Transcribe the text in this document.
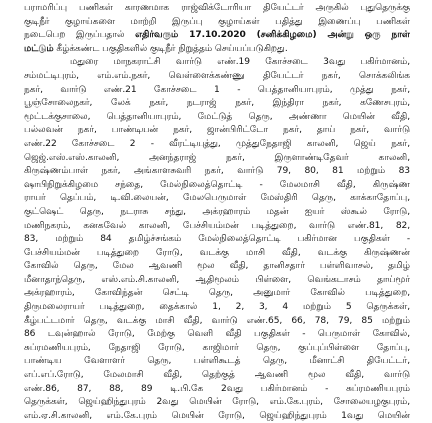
பராமரிப்பு பணிகள் காரணமாக ராஜ்விக்டோரியா தியேட்டர் அருகில் புதுதெருக்கு
குடிநீர் குழாய்களை மாற்றி இருப்பு குழாய்கள் பதித்து இணைப்பு பணிகள்
நடைபெற இருப்பதால் எதிர்வரும் 17.10.2020 (சனிக்கிழமை) அன்று ஒரு நாள்
மட்டும் கீழ்க்கண்ட பகுதிகளில் குடிநீர் நிறுத்தம் செய்யப்படுகிறது.
மதுரை மாநகராட்சி வார்டு எண்.19 கோச்சடை 3வது பகிர்மானம்,
சம்மட்டிபுரம், எம்.எம்.நகர், வெள்ளைக்கண்ணு தியேட்டர் நகர், சொக்கலிங்க
நகர், வார்டு எண்.21 கோச்சடை 1 - பெத்தானியாபுரம், முத்து நகர்,
பூஞ்சோலைநகர், லேக் நகர், நடராஜ் நகர், இந்திரா நகர், கணேசபுரம்,
மூட்டக்குசாலை, பெத்தானியாபுரம், மேட்டுத் தெரு, அண்ணா மெயின் வீதி,
பல்லவன் நகர், பாண்டியன் நகர், ஜான்பிரிட்டோ நகர், தாய் நகர், வார்டு
எண்.22 கோச்சடை 2 - வீரட்டியுத்து, முத்துநேதாஜி காலனி, ஜெய் நகர்,
ஜெஜ்.எஸ்.எஸ்.காலனி, அனந்தராஜ் நகர், இருளாண்டிதேவர் காலனி,
கிருஷ்ணம்பாள் நகர், அங்காளசுவரி நகர், வார்டு 79, 80, 81 மற்றும் 83
ஷாபிநிறுக்கிழமை சந்தை, மேல்நிலைத்தொட்டி - மேலமாசி வீதி, கிருஷ்ண
ராயர் தெப்பம், டி.வி.லையன், மேலபெருமாள் மேஸ்திரி தெரு, காக்காதோப்பு,
குட்ஷெட் தெரு, நடராசு சந்து, அக்ரஹாரம் மதன் ஐயர் ஸ்கூல் ரோடு,
மணிநகரம், கனகவேல் காலனி, பேச்சியம்மன் படித்துறை, வார்டு எண்.81, 82,
83, மற்றும் 84 தமிழ்ச்சங்கம் மேல்நிலைத்தொட்டி பகிர்மான பகுதிகள் -
பேச்சியம்மன் படித்துறை ரோடு, வடக்கு மாசி வீதி, வடக்கு கிருஷ்ணன்
கோவில் தெரு, மேல ஆவணி மூல வீதி, தானிசதார் பள்ளிவாசல், தமிழ்
மீனாதாந்தெரு, எஸ்.எம்.சி.காலனி, ஆதிமூலம் பிள்ளை, வெங்கடாசம் தாய்மூர்
அக்ரஹாரம், கோவிந்தன் செட்டி தெரு, அனுமார் கோவில் படித்துறை,
திருமலைராயர் படித்துறை, தைக்கால் 1, 2, 3, 4 மற்றும் 5 தெருக்கள்,
கீழ்பட்டமார் தெரு, வடக்கு மாசி வீதி, வார்டு எண்.65, 66, 78, 79, 85 மற்றும்
86 டவுன்ஹால் ரோடு, மேற்கு வெளி வீதி பகுதிகள் - பெருமாள் கோவில்,
சுப்ரமணியபுரம், நேதாஜி ரோடு, காஜிமார் தெரு, குப்புப்பிள்ளை தோப்பு,
பாண்டிய வேளாளர் தெரு, பள்ளிகூடத் தெரு, மீனாட்சி தியேட்டர்,
எப்.எப்.ரோடு, மேலமாசி வீதி, தெற்குத் ஆவணி மூல வீதி, வார்டு
எண்.86, 87, 88, 89 டி.பி.கே 2வது பகிர்மானம் - சுப்ரமணியபுரம்
தெருக்கள், ஜெய்ஹிந்துபுரம் 2வது மெயின் ரோடு, எம்.கே.புரம், சோலையழகுபுரம்,
எம்.ஏ.சி.காலனி, எம்.கே.புரம் மெயின் ரோடு, ஜெய்ஹிந்துபுரம் 1வது மெயின்
